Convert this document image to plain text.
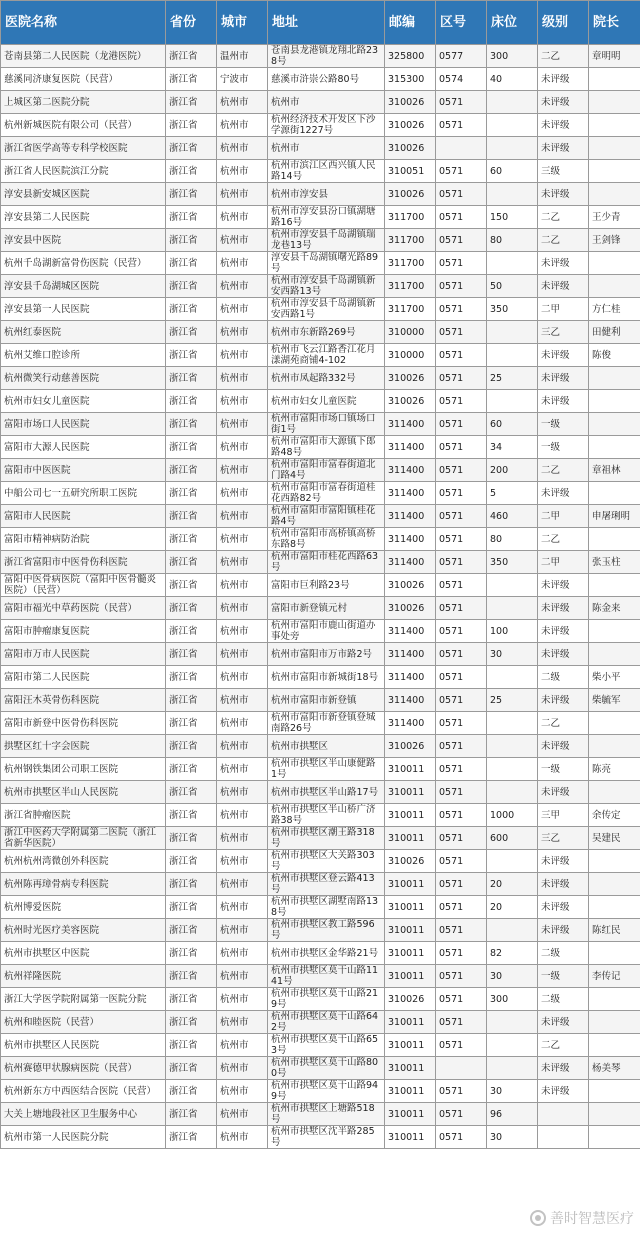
医院名称	省份	城市	地址	邮编	区号	床位	级别	院长
苍南县第二人民医院（龙港医院）	浙江省	温州市	苍南县龙港镇龙翔北路238号	325800	0577	300	二乙	章明明
慈溪同济康复医院（民营）	浙江省	宁波市	慈溪市浒崇公路80号	315300	0574	40	未评级	
上城区第二医院分院	浙江省	杭州市	杭州市	310026	0571		未评级	
杭州新城医院有限公司（民营）	浙江省	杭州市	杭州经济技术开发区下沙学源街1227号	310026	0571		未评级	
浙江省医学高等专科学校医院	浙江省	杭州市	杭州市	310026			未评级	
浙江省人民医院滨江分院	浙江省	杭州市	杭州市滨江区西兴镇人民路14号	310051	0571	60	三级	
淳安县新安城区医院	浙江省	杭州市	杭州市淳安县	310026	0571		未评级	
淳安县第二人民医院	浙江省	杭州市	杭州市淳安县汾口镇湖塘路16号	311700	0571	150	二乙	王少青
淳安县中医院	浙江省	杭州市	杭州市淳安县千岛湖镇瑞龙巷13号	311700	0571	80	二乙	王剑锋
杭州千岛湖新富骨伤医院（民营）	浙江省	杭州市	淳安县千岛湖镇曙光路89号	311700	0571		未评级	
淳安县千岛湖城区医院	浙江省	杭州市	杭州市淳安县千岛湖镇新安西路13号	311700	0571	50	未评级	
淳安县第一人民医院	浙江省	杭州市	杭州市淳安县千岛湖镇新安西路1号	311700	0571	350	二甲	方仁桂
杭州红泰医院	浙江省	杭州市	杭州市东新路269号	310000	0571		三乙	田健利
杭州艾维口腔诊所	浙江省	杭州市	杭州市飞云江路香江花月漾湖苑商铺4-102	310000	0571		未评级	陈俊
杭州微笑行动慈善医院	浙江省	杭州市	杭州市凤起路332号	310026	0571	25	未评级	
杭州市妇女儿童医院	浙江省	杭州市	杭州市妇女儿童医院	310026	0571		未评级	
富阳市场口人民医院	浙江省	杭州市	杭州市富阳市场口镇场口街1号	311400	0571	60	一级	
富阳市大源人民医院	浙江省	杭州市	杭州市富阳市大源镇下郎路48号	311400	0571	34	一级	
富阳市中医医院	浙江省	杭州市	杭州市富阳市富春街道北门路4号	311400	0571	200	二乙	章祖林
中船公司七一五研究所职工医院	浙江省	杭州市	杭州市富阳市富春街道桂花西路82号	311400	0571	5	未评级	
富阳市人民医院	浙江省	杭州市	杭州市富阳市富阳镇桂花路4号	311400	0571	460	二甲	申屠琍明
富阳市精神病防治院	浙江省	杭州市	杭州市富阳市高桥镇高桥东路8号	311400	0571	80	二乙	
浙江省富阳市中医骨伤科医院	浙江省	杭州市	杭州市富阳市桂花西路63号	311400	0571	350	二甲	张玉柱
富阳中医骨病医院（富阳中医骨髓炎医院）（民营）	浙江省	杭州市	富阳市巨利路23号	310026	0571		未评级	
富阳市福光中草药医院（民营）	浙江省	杭州市	富阳市新登镇元村	310026	0571		未评级	陈金来
富阳市肿瘤康复医院	浙江省	杭州市	杭州市富阳市鹿山街道办事处旁	311400	0571	100	未评级	
富阳市万市人民医院	浙江省	杭州市	杭州市富阳市万市路2号	311400	0571	30	未评级	
富阳市第二人民医院	浙江省	杭州市	杭州市富阳市新城街18号	311400	0571		二级	柴小平
富阳汪木英骨伤科医院	浙江省	杭州市	杭州市富阳市新登镇	311400	0571	25	未评级	柴毓军
富阳市新登中医骨伤科医院	浙江省	杭州市	杭州市富阳市新登镇登城南路26号	311400	0571		二乙	
拱墅区红十字会医院	浙江省	杭州市	杭州市拱墅区	310026	0571		未评级	
杭州钢铁集团公司职工医院	浙江省	杭州市	杭州市拱墅区半山康健路1号	310011	0571		一级	陈亮
杭州市拱墅区半山人民医院	浙江省	杭州市	杭州市拱墅区半山路17号	310011	0571		未评级	
浙江省肿瘤医院	浙江省	杭州市	杭州市拱墅区半山桥广济路38号	310011	0571	1000	三甲	余传定
浙江中医药大学附属第二医院（浙江省新华医院）	浙江省	杭州市	杭州市拱墅区潮王路318号	310011	0571	600	三乙	吴建民
杭州杭州湾微创外科医院	浙江省	杭州市	杭州市拱墅区大关路303号	310026	0571		未评级	
杭州陈再璋骨病专科医院	浙江省	杭州市	杭州市拱墅区登云路413号	310011	0571	20	未评级	
杭州博爱医院	浙江省	杭州市	杭州市拱墅区湖墅南路138号	310011	0571	20	未评级	
杭州时光医疗美容医院	浙江省	杭州市	杭州市拱墅区教工路596号	310011	0571		未评级	陈红民
杭州市拱墅区中医院	浙江省	杭州市	杭州市拱墅区金华路21号	310011	0571	82	二级	
杭州祥隆医院	浙江省	杭州市	杭州市拱墅区莫干山路1141号	310011	0571	30	一级	李传记
浙江大学医学院附属第一医院分院	浙江省	杭州市	杭州市拱墅区莫干山路219号	310026	0571	300	二级	
杭州和睦医院（民营）	浙江省	杭州市	杭州市拱墅区莫干山路642号	310011	0571		未评级	
杭州市拱墅区人民医院	浙江省	杭州市	杭州市拱墅区莫干山路653号	310011	0571		二乙	
杭州赛德甲状腺病医院（民营）	浙江省	杭州市	杭州市拱墅区莫干山路800号	310011			未评级	杨美琴
杭州新东方中西医结合医院（民营）	浙江省	杭州市	杭州市拱墅区莫干山路949号	310011	0571	30	未评级	
大关上塘地段社区卫生服务中心	浙江省	杭州市	杭州市拱墅区上塘路518号	310011	0571	96		
杭州市第一人民医院分院	浙江省	杭州市	杭州市拱墅区沈半路285号	310011	0571	30		
善时智慧医疗
